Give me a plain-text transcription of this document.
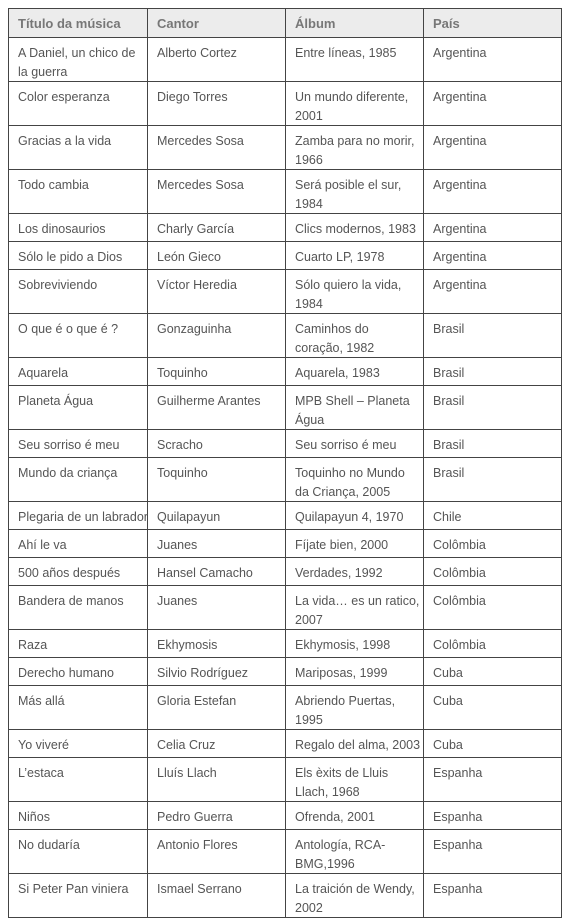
Título da música	Cantor	Álbum	País
A Daniel, un chico de la guerra	Alberto Cortez	Entre líneas, 1985	Argentina
Color esperanza	Diego Torres	Un mundo diferente, 2001	Argentina
Gracias a la vida	Mercedes Sosa	Zamba para no morir, 1966	Argentina
Todo cambia	Mercedes Sosa	Será posible el sur, 1984	Argentina
Los dinosaurios	Charly García	Clics modernos, 1983	Argentina
Sólo le pido a Dios	León Gieco	Cuarto LP, 1978	Argentina
Sobreviviendo	Víctor Heredia	Sólo quiero la vida, 1984	Argentina
O que é o que é ?	Gonzaguinha	Caminhos do coração, 1982	Brasil
Aquarela	Toquinho	Aquarela, 1983	Brasil
Planeta Água	Guilherme Arantes	MPB Shell – Planeta Água	Brasil
Seu sorriso é meu	Scracho	Seu sorriso é meu	Brasil
Mundo da criança	Toquinho	Toquinho no Mundo da Criança, 2005	Brasil
Plegaria de un labrador	Quilapayun	Quilapayun 4, 1970	Chile
Ahí le va	Juanes	Fíjate bien, 2000	Colômbia
500 años después	Hansel Camacho	Verdades, 1992	Colômbia
Bandera de manos	Juanes	La vida… es un ratico, 2007	Colômbia
Raza	Ekhymosis	Ekhymosis, 1998	Colômbia
Derecho humano	Silvio Rodríguez	Mariposas, 1999	Cuba
Más allá	Gloria Estefan	Abriendo Puertas, 1995	Cuba
Yo viveré	Celia Cruz	Regalo del alma, 2003	Cuba
L’estaca	Lluís Llach	Els èxits de Lluis Llach, 1968	Espanha
Niños	Pedro Guerra	Ofrenda, 2001	Espanha
No dudaría	Antonio Flores	Antología, RCA-BMG,1996	Espanha
Si Peter Pan viniera	Ismael Serrano	La traición de Wendy, 2002	Espanha
